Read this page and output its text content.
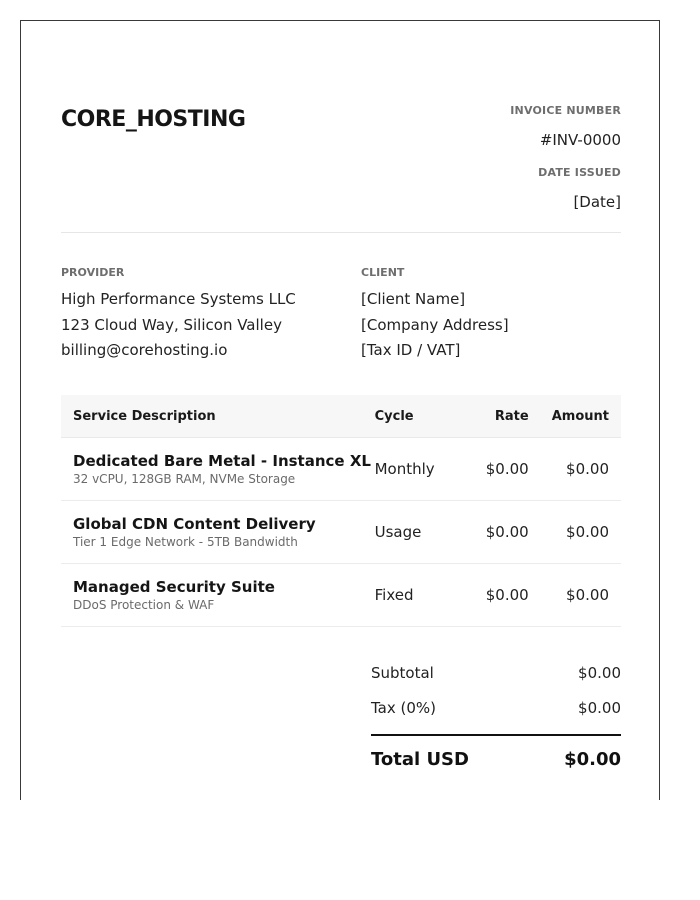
CORE_HOSTING	INVOICE NUMBER
#INV-0000
DATE ISSUED
[Date]
PROVIDER
High Performance Systems LLC
123 Cloud Way, Silicon Valley
billing@corehosting.io
CLIENT
[Client Name]
[Company Address]
[Tax ID / VAT]
Service Description	Cycle	Rate	Amount

Dedicated Bare Metal - Instance XL
32 vCPU, 128GB RAM, NVMe Storage	Monthly	$0.00	$0.00

Global CDN Content Delivery
Tier 1 Edge Network - 5TB Bandwidth	Usage	$0.00	$0.00

Managed Security Suite
DDoS Protection & WAF	Fixed	$0.00	$0.00
Subtotal	$0.00
Tax (0%)	$0.00
Total USD	$0.00
